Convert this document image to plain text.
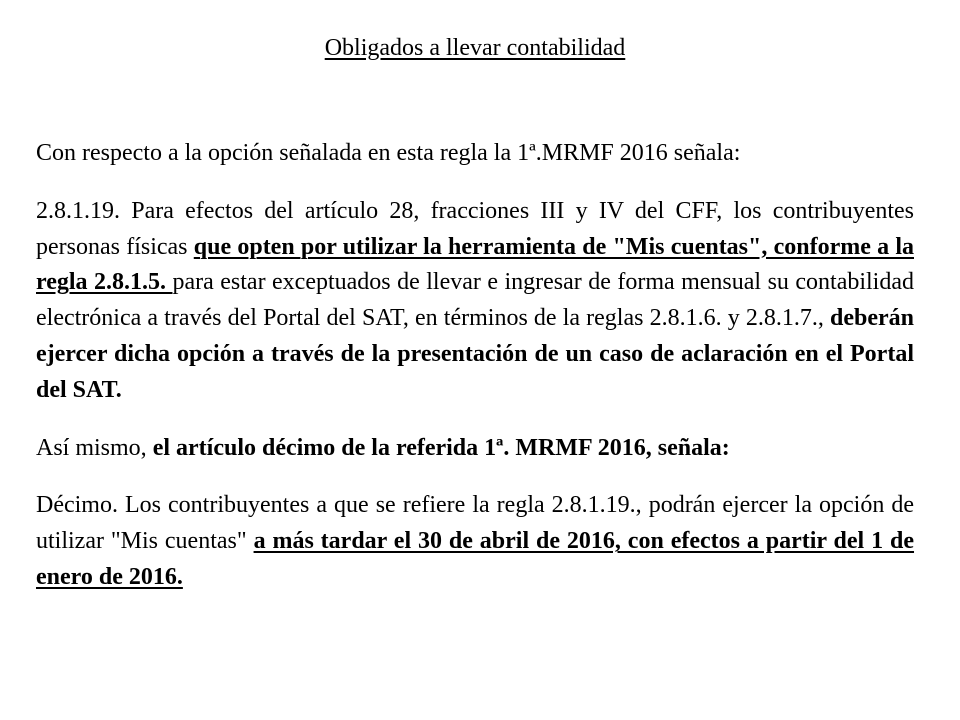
Obligados a llevar contabilidad

Con respecto a la opción señalada en esta regla la 1ª.MRMF 2016 señala:

2.8.1.19. Para efectos del artículo 28, fracciones III y IV del CFF, los contribuyentes personas físicas que opten por utilizar la herramienta de "Mis cuentas", conforme a la regla 2.8.1.5. para estar exceptuados de llevar e ingresar de forma mensual su contabilidad electrónica a través del Portal del SAT, en términos de la reglas 2.8.1.6. y 2.8.1.7., deberán ejercer dicha opción a través de la presentación de un caso de aclaración en el Portal del SAT.

Así mismo, el artículo décimo de la referida 1ª. MRMF 2016, señala:

Décimo. Los contribuyentes a que se refiere la regla 2.8.1.19., podrán ejercer la opción de utilizar "Mis cuentas" a más tardar el 30 de abril de 2016, con efectos a partir del 1 de enero de 2016.
